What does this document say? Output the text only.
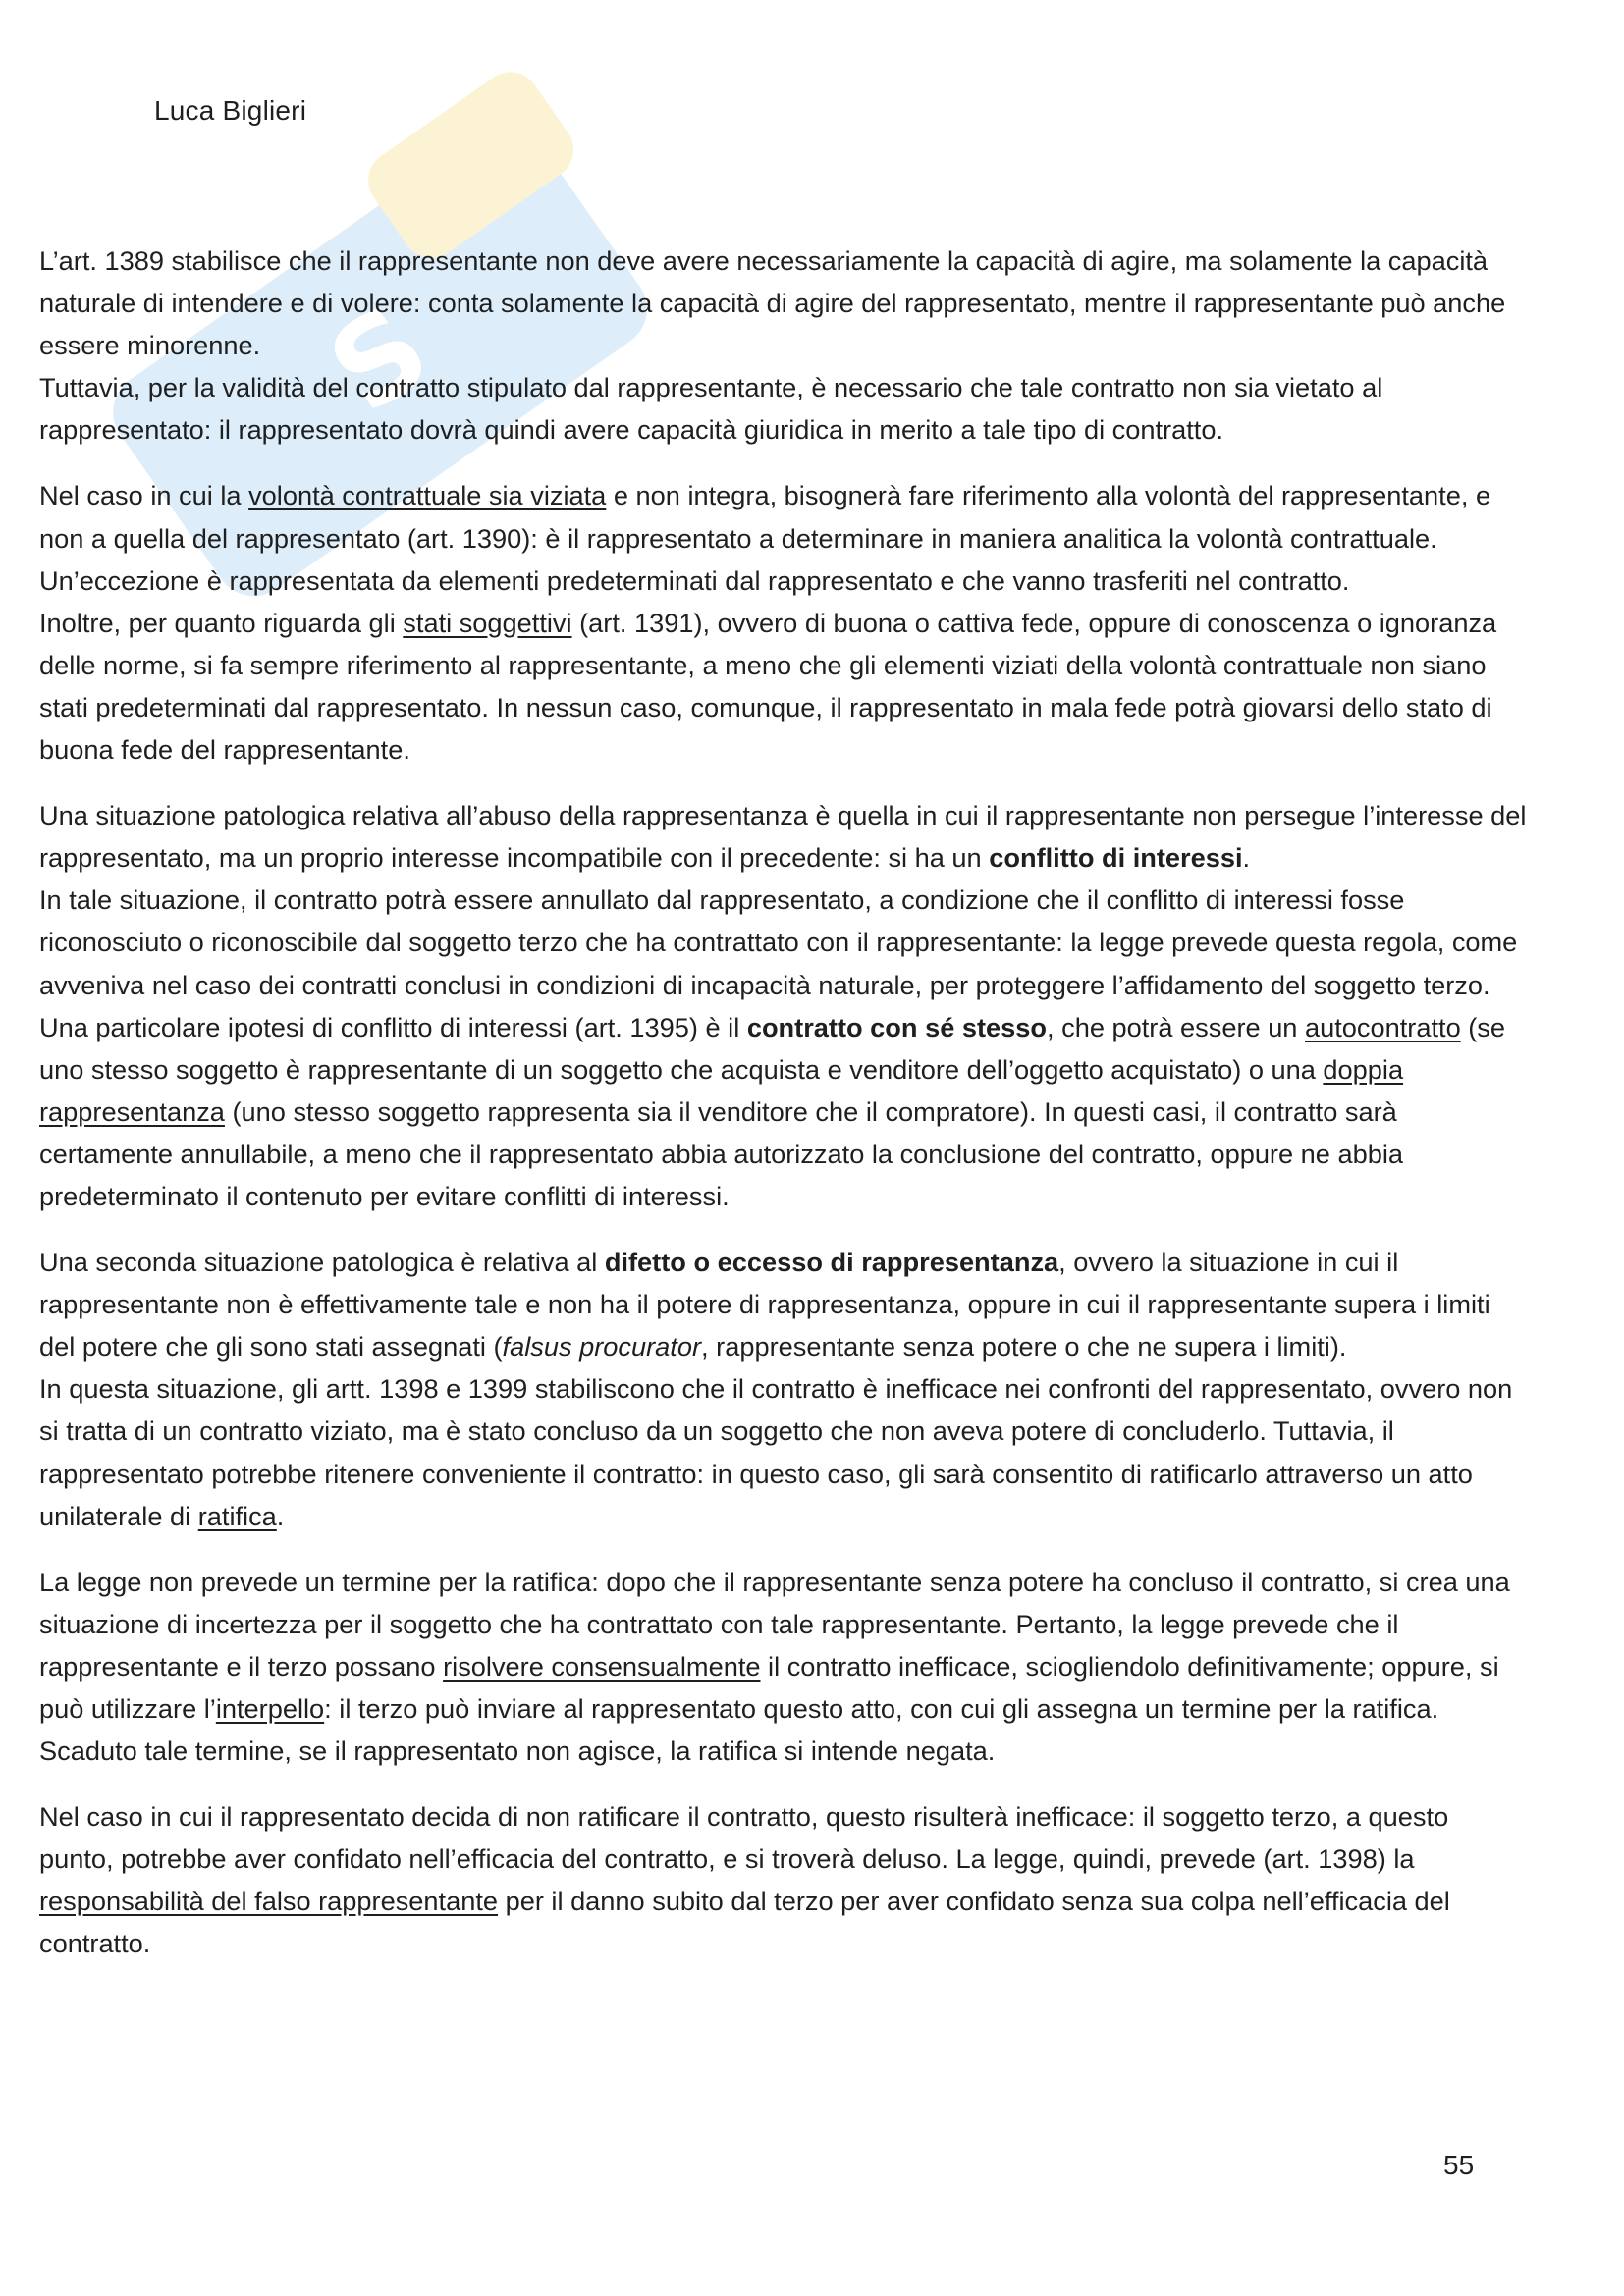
S
Luca Biglieri

L’art. 1389 stabilisce che il rappresentante non deve avere necessariamente la capacità di agire, ma solamente la capacità naturale di intendere e di volere: conta solamente la capacità di agire del rappresentato, mentre il rappresentante può anche essere minorenne.

Tuttavia, per la validità del contratto stipulato dal rappresentante, è necessario che tale contratto non sia vietato al rappresentato: il rappresentato dovrà quindi avere capacità giuridica in merito a tale tipo di contratto.

Nel caso in cui la volontà contrattuale sia viziata e non integra, bisognerà fare riferimento alla volontà del rappresentante, e non a quella del rappresentato (art. 1390): è il rappresentato a determinare in maniera analitica la volontà contrattuale. Un’eccezione è rappresentata da elementi predeterminati dal rappresentato e che vanno trasferiti nel contratto.

Inoltre, per quanto riguarda gli stati soggettivi (art. 1391), ovvero di buona o cattiva fede, oppure di conoscenza o ignoranza delle norme, si fa sempre riferimento al rappresentante, a meno che gli elementi viziati della volontà contrattuale non siano stati predeterminati dal rappresentato. In nessun caso, comunque, il rappresentato in mala fede potrà giovarsi dello stato di buona fede del rappresentante.

Una situazione patologica relativa all’abuso della rappresentanza è quella in cui il rappresentante non persegue l’interesse del rappresentato, ma un proprio interesse incompatibile con il precedente: si ha un conflitto di interessi.

In tale situazione, il contratto potrà essere annullato dal rappresentato, a condizione che il conflitto di interessi fosse riconosciuto o riconoscibile dal soggetto terzo che ha contrattato con il rappresentante: la legge prevede questa regola, come avveniva nel caso dei contratti conclusi in condizioni di incapacità naturale, per proteggere l’affidamento del soggetto terzo.

Una particolare ipotesi di conflitto di interessi (art. 1395) è il contratto con sé stesso, che potrà essere un autocontratto (se uno stesso soggetto è rappresentante di un soggetto che acquista e venditore dell’oggetto acquistato) o una doppia rappresentanza (uno stesso soggetto rappresenta sia il venditore che il compratore). In questi casi, il contratto sarà certamente annullabile, a meno che il rappresentato abbia autorizzato la conclusione del contratto, oppure ne abbia predeterminato il contenuto per evitare conflitti di interessi.

Una seconda situazione patologica è relativa al difetto o eccesso di rappresentanza, ovvero la situazione in cui il rappresentante non è effettivamente tale e non ha il potere di rappresentanza, oppure in cui il rappresentante supera i limiti del potere che gli sono stati assegnati (falsus procurator, rappresentante senza potere o che ne supera i limiti).

In questa situazione, gli artt. 1398 e 1399 stabiliscono che il contratto è inefficace nei confronti del rappresentato, ovvero non si tratta di un contratto viziato, ma è stato concluso da un soggetto che non aveva potere di concluderlo. Tuttavia, il rappresentato potrebbe ritenere conveniente il contratto: in questo caso, gli sarà consentito di ratificarlo attraverso un atto unilaterale di ratifica.

La legge non prevede un termine per la ratifica: dopo che il rappresentante senza potere ha concluso il contratto, si crea una situazione di incertezza per il soggetto che ha contrattato con tale rappresentante. Pertanto, la legge prevede che il rappresentante e il terzo possano risolvere consensualmente il contratto inefficace, sciogliendolo definitivamente; oppure, si può utilizzare l’interpello: il terzo può inviare al rappresentato questo atto, con cui gli assegna un termine per la ratifica. Scaduto tale termine, se il rappresentato non agisce, la ratifica si intende negata.

Nel caso in cui il rappresentato decida di non ratificare il contratto, questo risulterà inefficace: il soggetto terzo, a questo punto, potrebbe aver confidato nell’efficacia del contratto, e si troverà deluso. La legge, quindi, prevede (art. 1398) la responsabilità del falso rappresentante per il danno subito dal terzo per aver confidato senza sua colpa nell’efficacia del contratto.

55
